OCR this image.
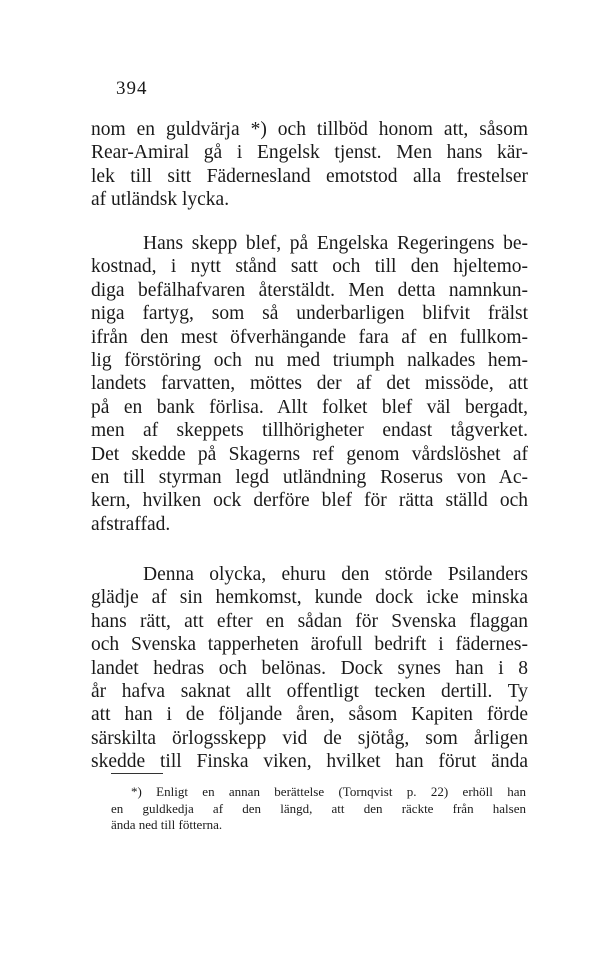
394
nom en guldvärja *) och tillböd honom att, såsom
Rear-Amiral gå i Engelsk tjenst. Men hans kär-
lek till sitt Fädernesland emotstod alla frestelser
af utländsk lycka.
Hans skepp blef, på Engelska Regeringens be-
kostnad, i nytt stånd satt och till den hjeltemo-
diga befälhafvaren återstäldt. Men detta namnkun-
niga fartyg, som så underbarligen blifvit frälst
ifrån den mest öfverhängande fara af en fullkom-
lig förstöring och nu med triumph nalkades hem-
landets farvatten, möttes der af det missöde, att
på en bank förlisa. Allt folket blef väl bergadt,
men af skeppets tillhörigheter endast tågverket.
Det skedde på Skagerns ref genom vårdslöshet af
en till styrman legd utländning Roserus von Ac-
kern, hvilken ock derföre blef för rätta ställd och
afstraffad.
Denna olycka, ehuru den störde Psilanders
glädje af sin hemkomst, kunde dock icke minska
hans rätt, att efter en sådan för Svenska flaggan
och Svenska tapperheten ärofull bedrift i fädernes-
landet hedras och belönas. Dock synes han i 8
år hafva saknat allt offentligt tecken dertill. Ty
att han i de följande åren, såsom Kapiten förde
särskilta örlogsskepp vid de sjötåg, som årligen
skedde till Finska viken, hvilket han förut ända
*) Enligt en annan berättelse (Tornqvist p. 22) erhöll han
en guldkedja af den längd, att den räckte från halsen
ända ned till fötterna.
